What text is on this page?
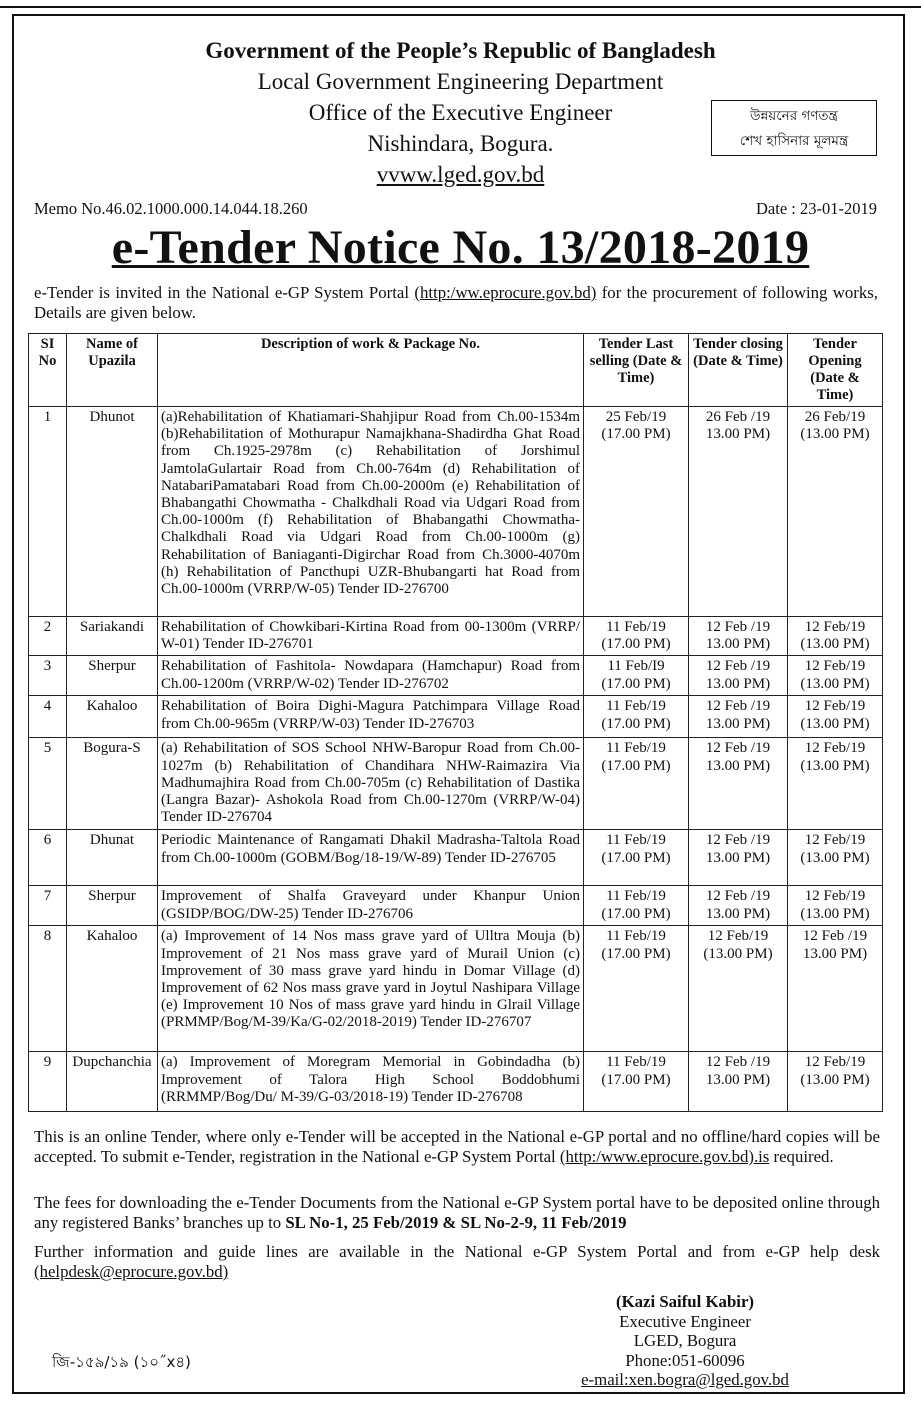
Government of the People’s Republic of Bangladesh
Local Government Engineering Department
Office of the Executive Engineer
Nishindara, Bogura.
vvww.lged.gov.bd
উন্নয়নের গণতন্ত্র
শেখ হাসিনার মূলমন্ত্র
Memo No.46.02.1000.000.14.044.18.260	Date : 23-01-2019
e-Tender Notice No. 13/2018-2019
e-Tender is invited in the National e-GP System Portal (http:/ww.eprocure.gov.bd) for the procurement of following works, Details are given below.
SI No	Name of Upazila	Description of work & Package No.	Tender Last selling (Date & Time)	Tender closing (Date & Time)	Tender Opening (Date & Time)
1	Dhunot	(a)Rehabilitation of Khatiamari-Shahjipur Road from Ch.00-1534m (b)Rehabilitation of Mothurapur Namajkhana-Shadirdha Ghat Road from Ch.1925-2978m (c) Rehabilitation of Jorshimul JamtolaGulartair Road from Ch.00-764m (d) Rehabilitation of NatabariPamatabari Road from Ch.00-2000m (e) Rehabilitation of Bhabangathi Chowmatha - Chalkdhali Road via Udgari Road from Ch.00-1000m (f) Rehabilitation of Bhabangathi Chowmatha-Chalkdhali Road via Udgari Road from Ch.00-1000m (g) Rehabilitation of Baniaganti-Digirchar Road from Ch.3000-4070m (h) Rehabilitation of Pancthupi UZR-Bhubangarti hat Road from Ch.00-1000m (VRRP/W-05) Tender ID-276700	25 Feb/19 (17.00 PM)	26 Feb /19 13.00 PM)	26 Feb/19 (13.00 PM)
2	Sariakandi	Rehabilitation of Chowkibari-Kirtina Road from 00-1300m (VRRP/ W-01) Tender ID-276701	11 Feb/19 (17.00 PM)	12 Feb /19 13.00 PM)	12 Feb/19 (13.00 PM)
3	Sherpur	Rehabilitation of Fashitola- Nowdapara (Hamchapur) Road from Ch.00-1200m (VRRP/W-02) Tender ID-276702	11 Feb/I9 (17.00 PM)	12 Feb /19 13.00 PM)	12 Feb/19 (13.00 PM)
4	Kahaloo	Rehabilitation of Boira Dighi-Magura Patchimpara Village Road from Ch.00-965m (VRRP/W-03) Tender ID-276703	11 Feb/19 (17.00 PM)	12 Feb /19 13.00 PM)	12 Feb/19 (13.00 PM)
5	Bogura-S	(a) Rehabilitation of SOS School NHW-Baropur Road from Ch.00- 1027m (b) Rehabilitation of Chandihara NHW-Raimazira Via Madhumajhira Road from Ch.00-705m (c) Rehabilitation of Dastika (Langra Bazar)- Ashokola Road from Ch.00-1270m (VRRP/W-04) Tender ID-276704	11 Feb/19 (17.00 PM)	12 Feb /19 13.00 PM)	12 Feb/19 (13.00 PM)
6	Dhunat	Periodic Maintenance of Rangamati Dhakil Madrasha-Taltola Road from Ch.00-1000m (GOBM/Bog/18-19/W-89) Tender ID-276705	11 Feb/19 (17.00 PM)	12 Feb /19 13.00 PM)	12 Feb/19 (13.00 PM)
7	Sherpur	Improvement of Shalfa Graveyard under Khanpur Union (GSIDP/BOG/DW-25) Tender ID-276706	11 Feb/19 (17.00 PM)	12 Feb /19 13.00 PM)	12 Feb/19 (13.00 PM)
8	Kahaloo	(a) Improvement of 14 Nos mass grave yard of Ulltra Mouja (b) Improvement of 21 Nos mass grave yard of Murail Union (c) Improvement of 30 mass grave yard hindu in Domar Village (d) Improvement of 62 Nos mass grave yard in Joytul Nashipara Village (e) Improvement 10 Nos of mass grave yard hindu in Glrail Village (PRMMP/Bog/M-39/Ka/G-02/2018-2019) Tender ID-276707	11 Feb/19 (17.00 PM)	12 Feb/19 (13.00 PM)	12 Feb /19 13.00 PM)
9	Dupchanchia	(a) Improvement of Moregram Memorial in Gobindadha (b) Improvement of Talora High School Boddobhumi (RRMMP/Bog/Du/ M-39/G-03/2018-19) Tender ID-276708	11 Feb/19 (17.00 PM)	12 Feb /19 13.00 PM)	12 Feb/19 (13.00 PM)
This is an online Tender, where only e-Tender will be accepted in the National e-GP portal and no offline/hard copies will be accepted. To submit e-Tender, registration in the National e-GP System Portal (http:/www.eprocure.gov.bd).is required.
The fees for downloading the e-Tender Documents from the National e-GP System portal have to be deposited online through any registered Banks’ branches up to SL No-1, 25 Feb/2019 & SL No-2-9, 11 Feb/2019
Further information and guide lines are available in the National e-GP System Portal and from e-GP help desk (helpdesk@eprocure.gov.bd)
(Kazi Saiful Kabir)
Executive Engineer
LGED, Bogura
Phone:051-60096
e-mail:xen.bogra@lged.gov.bd
জি-১৫৯/১৯ (১০˝x৪)
